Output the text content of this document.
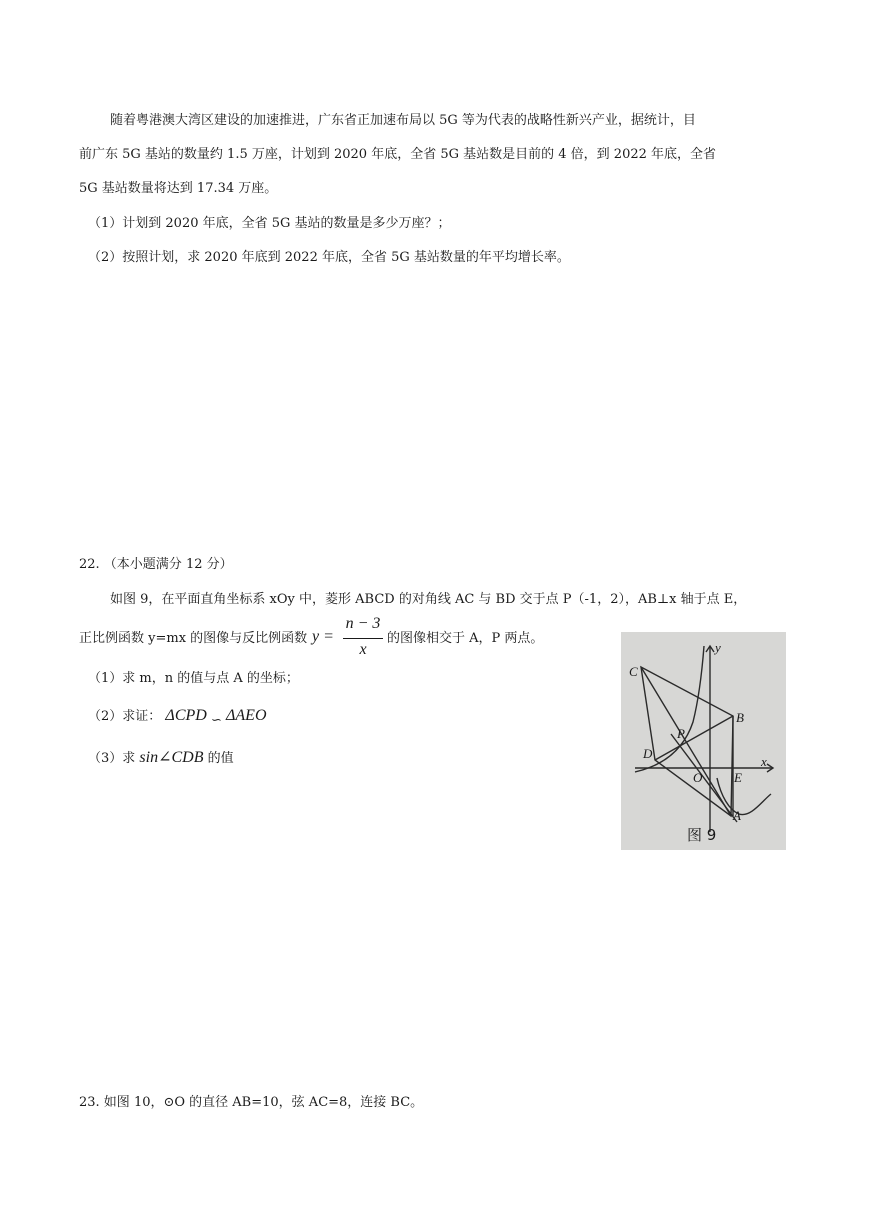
随着粤港澳大湾区建设的加速推进，广东省正加速布局以 5G 等为代表的战略性新兴产业，据统计，目
前广东 5G 基站的数量约 1.5 万座，计划到 2020 年底，全省 5G 基站数是目前的 4 倍，到 2022 年底，全省
5G 基站数量将达到 17.34 万座。
（1）计划到 2020 年底，全省 5G 基站的数量是多少万座？；
（2）按照计划，求 2020 年底到 2022 年底，全省 5G 基站数量的年平均增长率。
22. （本小题满分 12 分）
如图 9，在平面直角坐标系 xOy 中，菱形 ABCD 的对角线 AC 与 BD 交于点 P（-1，2），AB⊥x 轴于点 E，
正比例函数 y=mx 的图像与反比例函数 y =
n − 3
x
的图像相交于 A，P 两点。
（1）求 m，n 的值与点 A 的坐标；
（2）求证： ΔCPD ∽ ΔAEO
（3）求 sin∠CDB 的值
C
y
B
P
D
O E
x
A
图 9
23. 如图 10，⊙O 的直径 AB=10，弦 AC=8，连接 BC。
